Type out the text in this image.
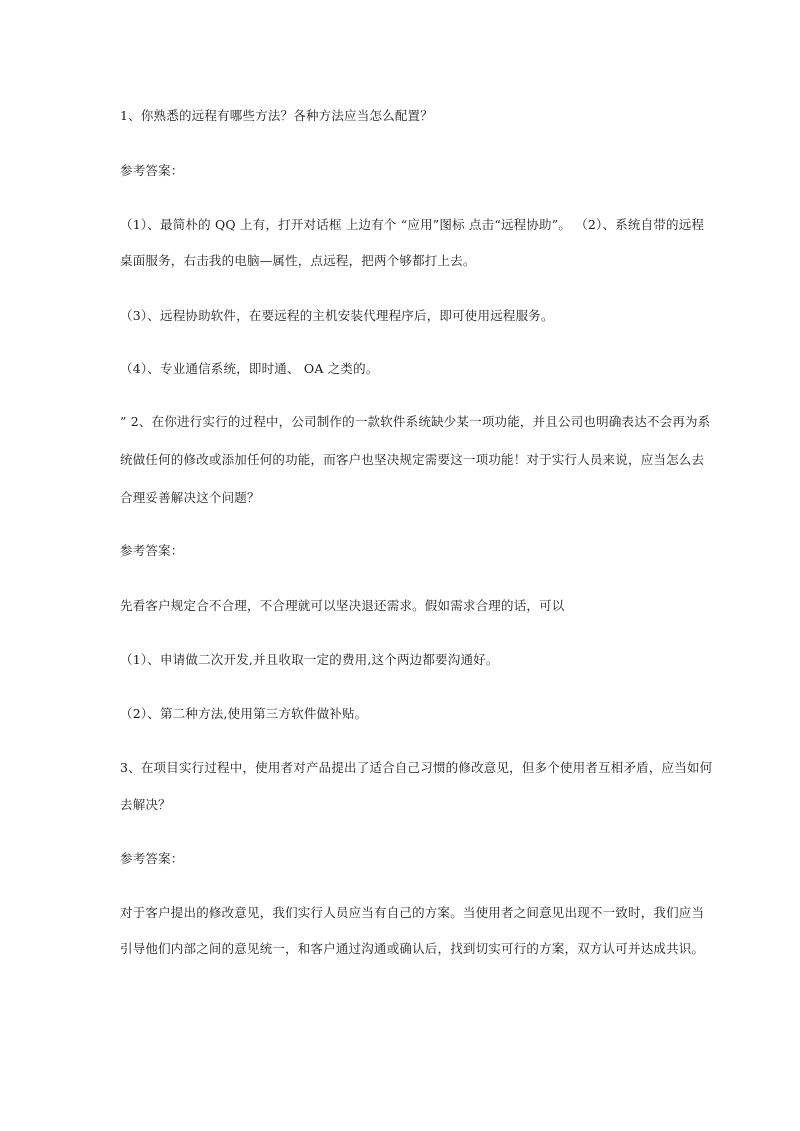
1、你熟悉的远程有哪些方法？各种方法应当怎么配置？
参考答案：
（1）、最简朴的 QQ 上有，打开对话框 上边有个 “应用”图标 点击“远程协助”。 （2）、系统自带的远程
桌面服务，右击我的电脑—属性，点远程，把两个够都打上去。
（3）、远程协助软件，在要远程的主机安装代理程序后，即可使用远程服务。
（4）、专业通信系统，即时通、 OA 之类的。
” 2、在你进行实行的过程中，公司制作的一款软件系统缺少某一项功能，并且公司也明确表达不会再为系
统做任何的修改或添加任何的功能，而客户也坚决规定需要这一项功能！对于实行人员来说，应当怎么去
合理妥善解决这个问题？
参考答案：
先看客户规定合不合理，不合理就可以坚决退还需求。假如需求合理的话，可以
（1）、申请做二次开发,并且收取一定的费用,这个两边都要沟通好。
（2）、第二种方法,使用第三方软件做补贴。
3、在项目实行过程中，使用者对产品提出了适合自己习惯的修改意见，但多个使用者互相矛盾，应当如何
去解决？
参考答案：
对于客户提出的修改意见，我们实行人员应当有自己的方案。当使用者之间意见出现不一致时，我们应当
引导他们内部之间的意见统一，和客户通过沟通或确认后，找到切实可行的方案，双方认可并达成共识。
